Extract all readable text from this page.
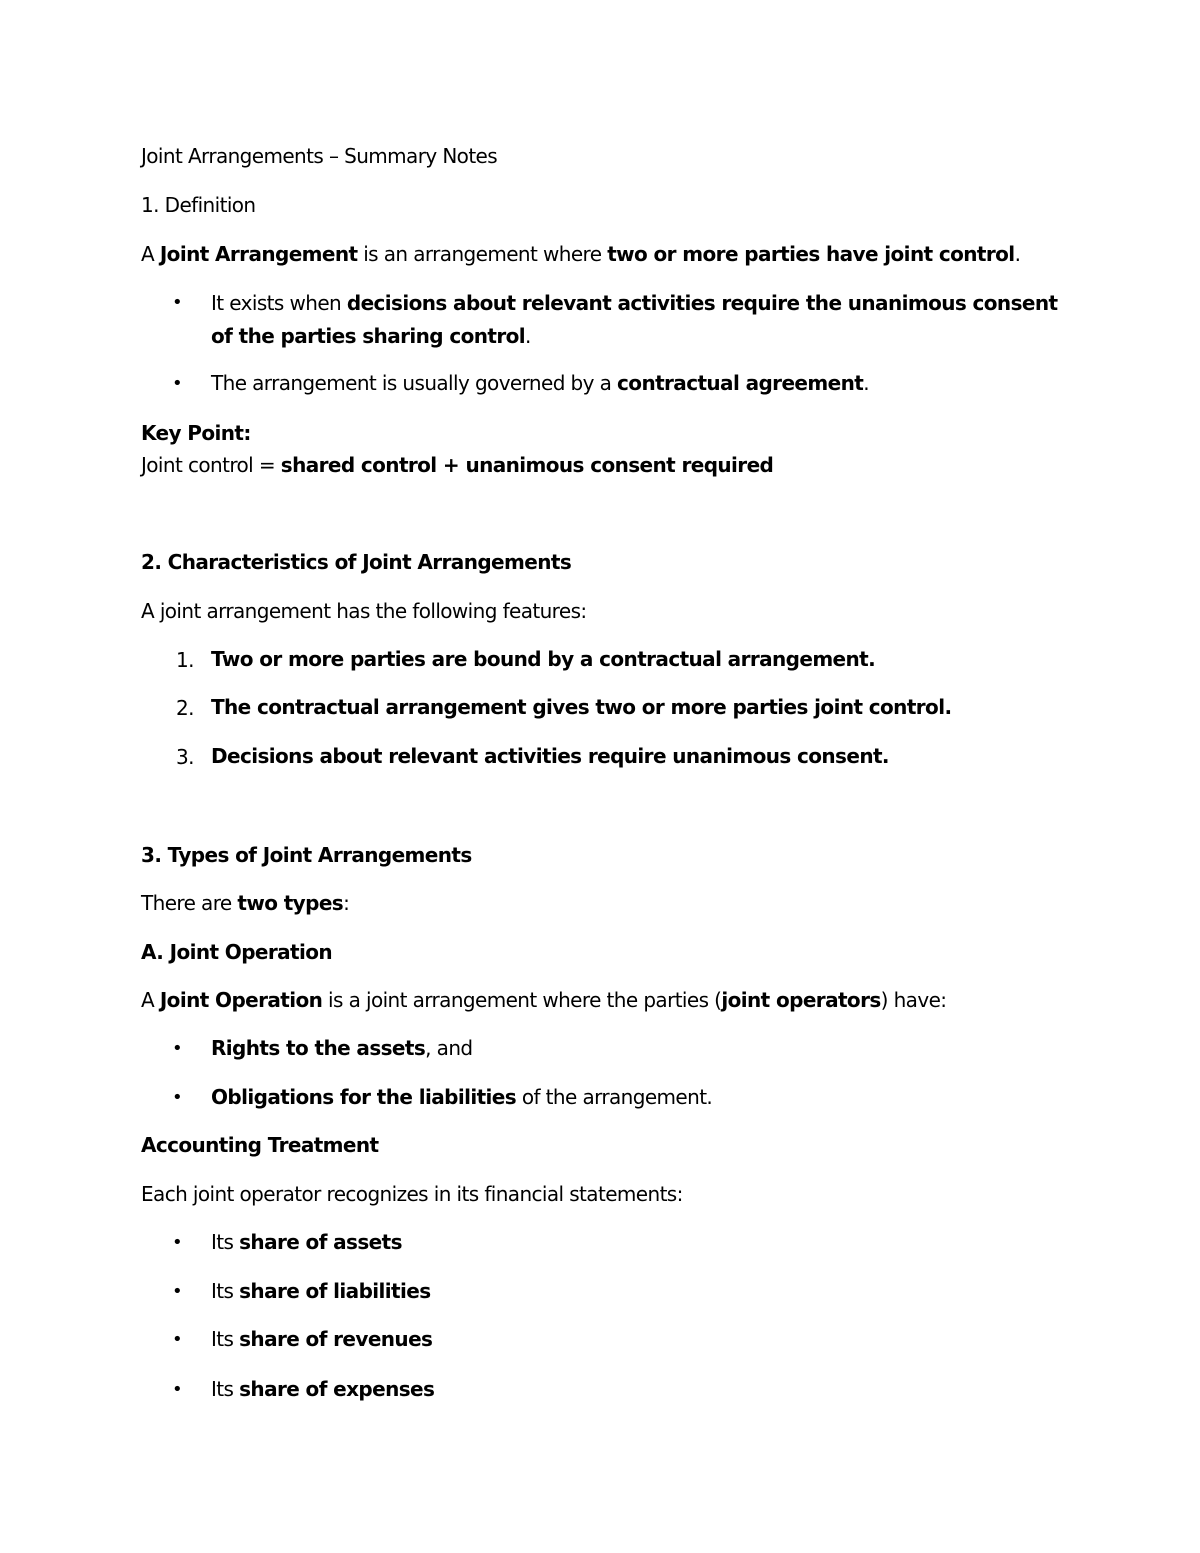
Joint Arrangements – Summary Notes
1. Definition
A Joint Arrangement is an arrangement where two or more parties have joint control.
• It exists when decisions about relevant activities require the unanimous consent of the parties sharing control.
• The arrangement is usually governed by a contractual agreement.
Key Point:
Joint control = shared control + unanimous consent required
2. Characteristics of Joint Arrangements
A joint arrangement has the following features:
1. Two or more parties are bound by a contractual arrangement.
2. The contractual arrangement gives two or more parties joint control.
3. Decisions about relevant activities require unanimous consent.
3. Types of Joint Arrangements
There are two types:
A. Joint Operation
A Joint Operation is a joint arrangement where the parties (joint operators) have:
• Rights to the assets, and
• Obligations for the liabilities of the arrangement.
Accounting Treatment
Each joint operator recognizes in its financial statements:
• Its share of assets
• Its share of liabilities
• Its share of revenues
• Its share of expenses
